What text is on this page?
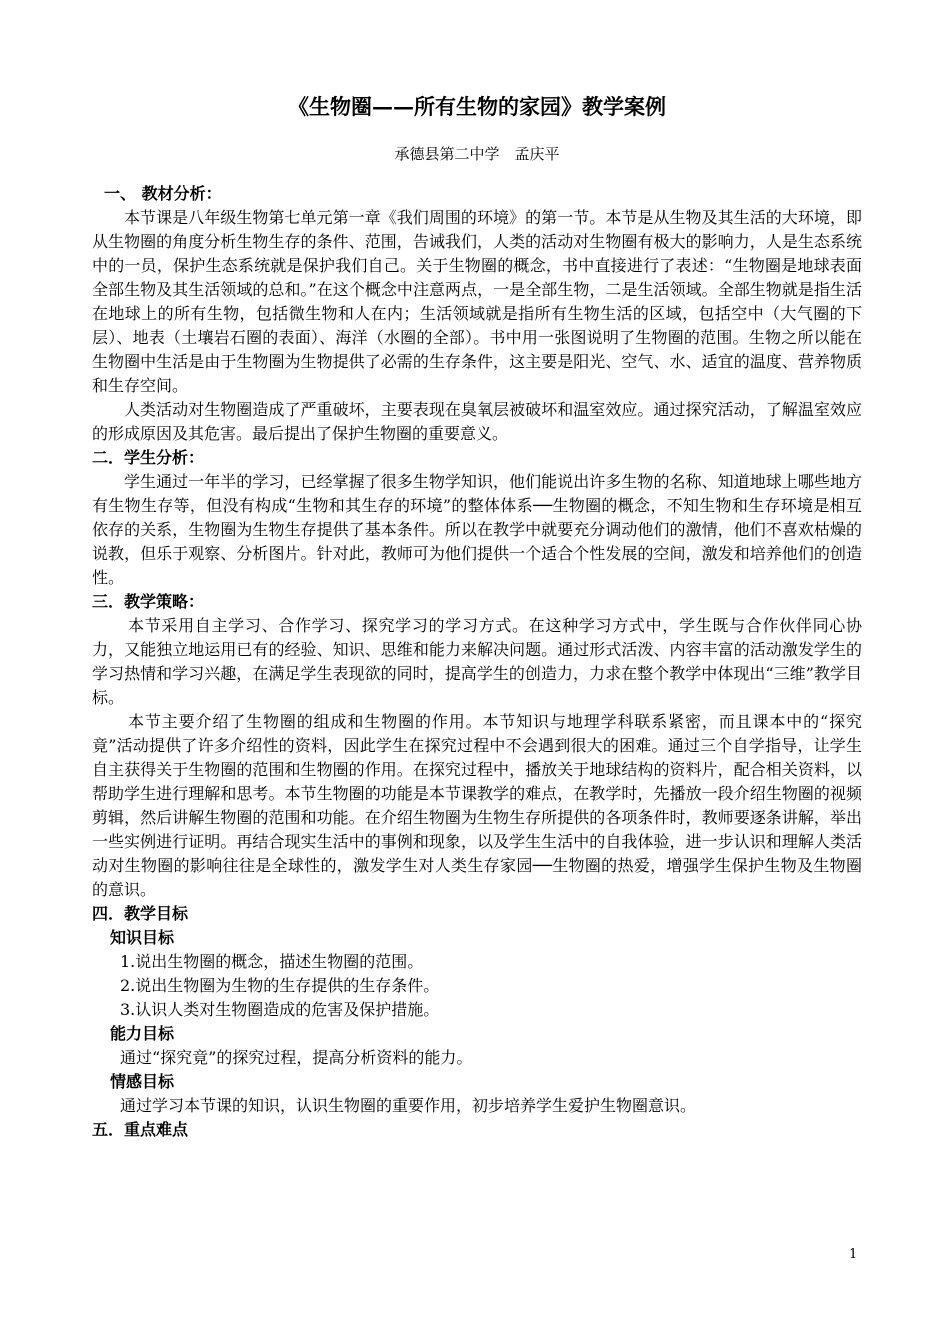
《生物圈——所有生物的家园》教学案例
承德县第二中学　孟庆平
一、 教材分析：

本节课是八年级生物第七单元第一章《我们周围的环境》的第一节。本节是从生物及其生活的大环境，即从生物圈的角度分析生物生存的条件、范围，告诫我们，人类的活动对生物圈有极大的影响力，人是生态系统中的一员，保护生态系统就是保护我们自己。关于生物圈的概念，书中直接进行了表述：“生物圈是地球表面全部生物及其生活领域的总和。”在这个概念中注意两点，一是全部生物，二是生活领域。全部生物就是指生活在地球上的所有生物，包括微生物和人在内；生活领域就是指所有生物生活的区域，包括空中（大气圈的下层）、地表（土壤岩石圈的表面）、海洋（水圈的全部）。书中用一张图说明了生物圈的范围。生物之所以能在生物圈中生活是由于生物圈为生物提供了必需的生存条件，这主要是阳光、空气、水、适宜的温度、营养物质和生存空间。

人类活动对生物圈造成了严重破坏，主要表现在臭氧层被破坏和温室效应。通过探究活动，了解温室效应的形成原因及其危害。最后提出了保护生物圈的重要意义。

二．学生分析：

学生通过一年半的学习，已经掌握了很多生物学知识，他们能说出许多生物的名称、知道地球上哪些地方有生物生存等，但没有构成“生物和其生存的环境”的整体体系──生物圈的概念，不知生物和生存环境是相互依存的关系，生物圈为生物生存提供了基本条件。所以在教学中就要充分调动他们的激情，他们不喜欢枯燥的说教，但乐于观察、分析图片。针对此，教师可为他们提供一个适合个性发展的空间，激发和培养他们的创造性。

三．教学策略：

本节采用自主学习、合作学习、探究学习的学习方式。在这种学习方式中，学生既与合作伙伴同心协力，又能独立地运用已有的经验、知识、思维和能力来解决问题。通过形式活泼、内容丰富的活动激发学生的学习热情和学习兴趣，在满足学生表现欲的同时，提高学生的创造力，力求在整个教学中体现出“三维”教学目标。

本节主要介绍了生物圈的组成和生物圈的作用。本节知识与地理学科联系紧密，而且课本中的“探究竟”活动提供了许多介绍性的资料，因此学生在探究过程中不会遇到很大的困难。通过三个自学指导，让学生自主获得关于生物圈的范围和生物圈的作用。在探究过程中，播放关于地球结构的资料片，配合相关资料，以帮助学生进行理解和思考。本节生物圈的功能是本节课教学的难点，在教学时，先播放一段介绍生物圈的视频剪辑，然后讲解生物圈的范围和功能。在介绍生物圈为生物生存所提供的各项条件时，教师要逐条讲解，举出一些实例进行证明。再结合现实生活中的事例和现象，以及学生生活中的自我体验，进一步认识和理解人类活动对生物圈的影响往往是全球性的，激发学生对人类生存家园──生物圈的热爱，增强学生保护生物及生物圈的意识。

四．教学目标
知识目标
1.说出生物圈的概念，描述生物圈的范围。
2.说出生物圈为生物的生存提供的生存条件。
3.认识人类对生物圈造成的危害及保护措施。
能力目标
通过“探究竟”的探究过程，提高分析资料的能力。
情感目标
通过学习本节课的知识，认识生物圈的重要作用，初步培养学生爱护生物圈意识。
五．重点难点
1
